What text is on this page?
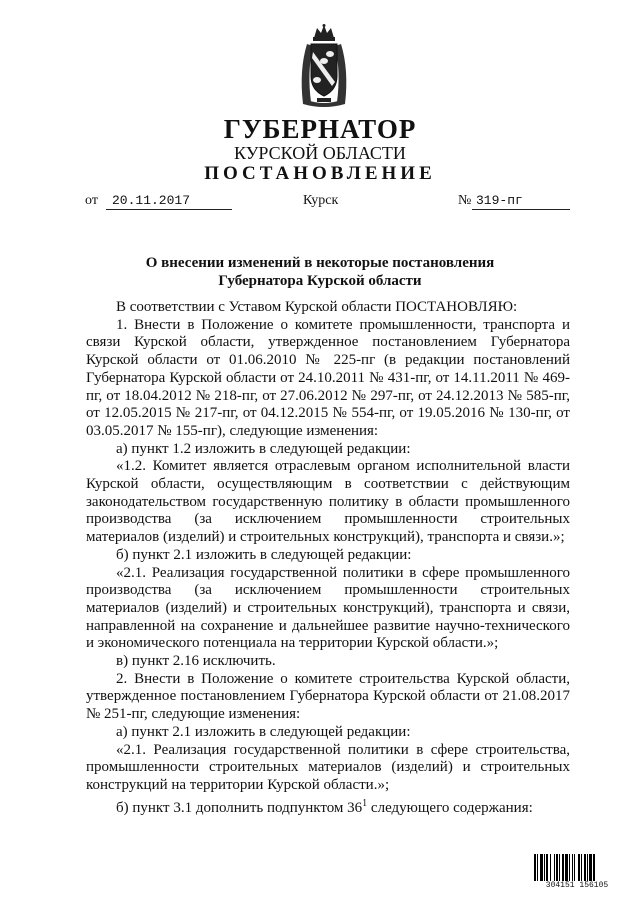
ГУБЕРНАТОР
КУРСКОЙ ОБЛАСТИ
ПОСТАНОВЛЕНИЕ
от	20.11.2017	Курск	№ 319-пг
О внесении изменений в некоторые постановления
Губернатора Курской области

В соответствии с Уставом Курской области ПОСТАНОВЛЯЮ:

1. Внести в Положение о комитете промышленности, транспорта и связи Курской области, утвержденное постановлением Губернатора Курской области от 01.06.2010 № 225-пг (в редакции постановлений Губернатора Курской области от 24.10.2011 № 431-пг, от 14.11.2011 № 469-пг, от 18.04.2012 № 218-пг, от 27.06.2012 № 297-пг, от 24.12.2013 № 585-пг, от 12.05.2015 № 217-пг, от 04.12.2015 № 554-пг, от 19.05.2016 № 130-пг, от 03.05.2017 № 155-пг), следующие изменения:

а) пункт 1.2 изложить в следующей редакции:

«1.2. Комитет является отраслевым органом исполнительной власти Курской области, осуществляющим в соответствии с действующим законодательством государственную политику в области промышленного производства (за исключением промышленности строительных материалов (изделий) и строительных конструкций), транспорта и связи.»;

б) пункт 2.1 изложить в следующей редакции:

«2.1. Реализация государственной политики в сфере промышленного производства (за исключением промышленности строительных материалов (изделий) и строительных конструкций), транспорта и связи, направленной на сохранение и дальнейшее развитие научно-технического и экономического потенциала на территории Курской области.»;

в) пункт 2.16 исключить.

2. Внести в Положение о комитете строительства Курской области, утвержденное постановлением Губернатора Курской области от 21.08.2017 № 251-пг, следующие изменения:

а) пункт 2.1 изложить в следующей редакции:

«2.1. Реализация государственной политики в сфере строительства, промышленности строительных материалов (изделий) и строительных конструкций на территории Курской области.»;

б) пункт 3.1 дополнить подпунктом $36^1$ следующего содержания:

304151 156105
